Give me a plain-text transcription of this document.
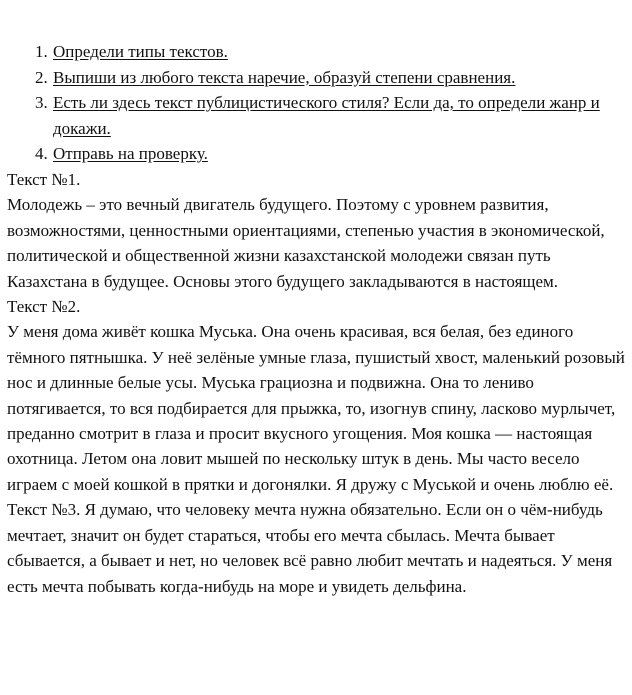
1. Определи типы текстов.
2. Выпиши из любого текста наречие, образуй степени сравнения.
3. Есть ли здесь текст публицистического стиля? Если да, то определи жанр и докажи.
4. Отправь на проверку.

Текст №1.

Молодежь – это вечный двигатель будущего. Поэтому с уровнем развития, возможностями, ценностными ориентациями, степенью участия в экономической, политической и общественной жизни казахстанской молодежи связан путь Казахстана в будущее. Основы этого будущего закладываются в настоящем.

Текст №2.

У меня дома живёт кошка Муська. Она очень красивая, вся белая, без единого тёмного пятнышка. У неё зелёные умные глаза, пушистый хвост, маленький розовый нос и длинные белые усы. Муська грациозна и подвижна. Она то лениво потягивается, то вся подбирается для прыжка, то, изогнув спину, ласково мурлычет, преданно смотрит в глаза и просит вкусного угощения. Моя кошка — настоящая охотница. Летом она ловит мышей по нескольку штук в день. Мы часто весело играем с моей кошкой в прятки и догонялки. Я дружу с Муськой и очень люблю её.

Текст №3. Я думаю, что человеку мечта нужна обязательно. Если он о чём-нибудь мечтает, значит он будет стараться, чтобы его мечта сбылась. Мечта бывает сбывается, а бывает и нет, но человек всё равно любит мечтать и надеяться. У меня есть мечта побывать когда-нибудь на море и увидеть дельфина.
